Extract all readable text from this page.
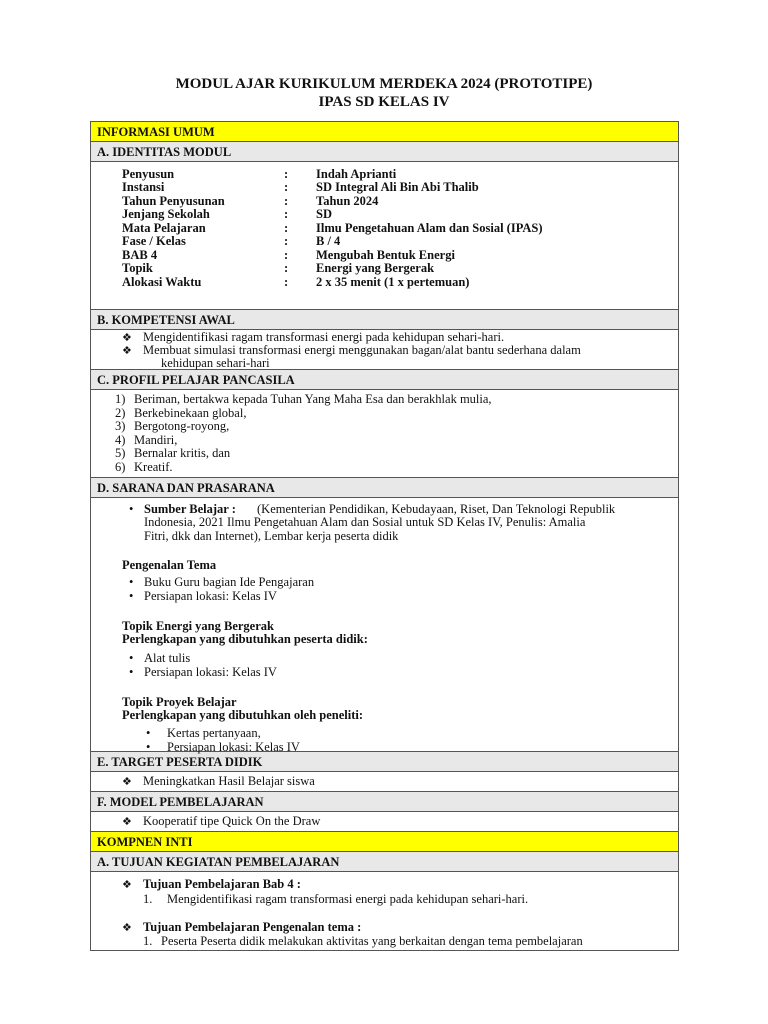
MODUL AJAR KURIKULUM MERDEKA 2024 (PROTOTIPE)
IPAS SD KELAS IV
INFORMASI UMUM
A. IDENTITAS MODUL
Penyusun	: Indah Aprianti
Instansi	: SD Integral Ali Bin Abi Thalib
Tahun Penyusunan	: Tahun 2024
Jenjang Sekolah	: SD
Mata Pelajaran	: Ilmu Pengetahuan Alam dan Sosial (IPAS)
Fase / Kelas	: B / 4
BAB 4	: Mengubah Bentuk Energi
Topik	: Energi yang Bergerak
Alokasi Waktu	: 2 x 35 menit (1 x pertemuan)
B. KOMPETENSI AWAL
❖ Mengidentifikasi ragam transformasi energi pada kehidupan sehari-hari.
❖ Membuat simulasi transformasi energi menggunakan bagan/alat bantu sederhana dalam
kehidupan sehari-hari
C. PROFIL PELAJAR PANCASILA
1) Beriman, bertakwa kepada Tuhan Yang Maha Esa dan berakhlak mulia,
2) Berkebinekaan global,
3) Bergotong-royong,
4) Mandiri,
5) Bernalar kritis, dan
6) Kreatif.
D. SARANA DAN PRASARANA
• Sumber Belajar : (Kementerian Pendidikan, Kebudayaan, Riset, Dan Teknologi Republik
Indonesia, 2021 Ilmu Pengetahuan Alam dan Sosial untuk SD Kelas IV, Penulis: Amalia
Fitri, dkk dan Internet), Lembar kerja peserta didik
Pengenalan Tema
• Buku Guru bagian Ide Pengajaran
• Persiapan lokasi: Kelas IV
Topik Energi yang Bergerak
Perlengkapan yang dibutuhkan peserta didik:
• Alat tulis
• Persiapan lokasi: Kelas IV
Topik Proyek Belajar
Perlengkapan yang dibutuhkan oleh peneliti:
• Kertas pertanyaan,
• Persiapan lokasi: Kelas IV
E. TARGET PESERTA DIDIK
❖ Meningkatkan Hasil Belajar siswa
F. MODEL PEMBELAJARAN
❖ Kooperatif tipe Quick On the Draw
KOMPNEN INTI
A. TUJUAN KEGIATAN PEMBELAJARAN
❖ Tujuan Pembelajaran Bab 4 :
1. Mengidentifikasi ragam transformasi energi pada kehidupan sehari-hari.
❖ Tujuan Pembelajaran Pengenalan tema :
1. Peserta Peserta didik melakukan aktivitas yang berkaitan dengan tema pembelajaran
